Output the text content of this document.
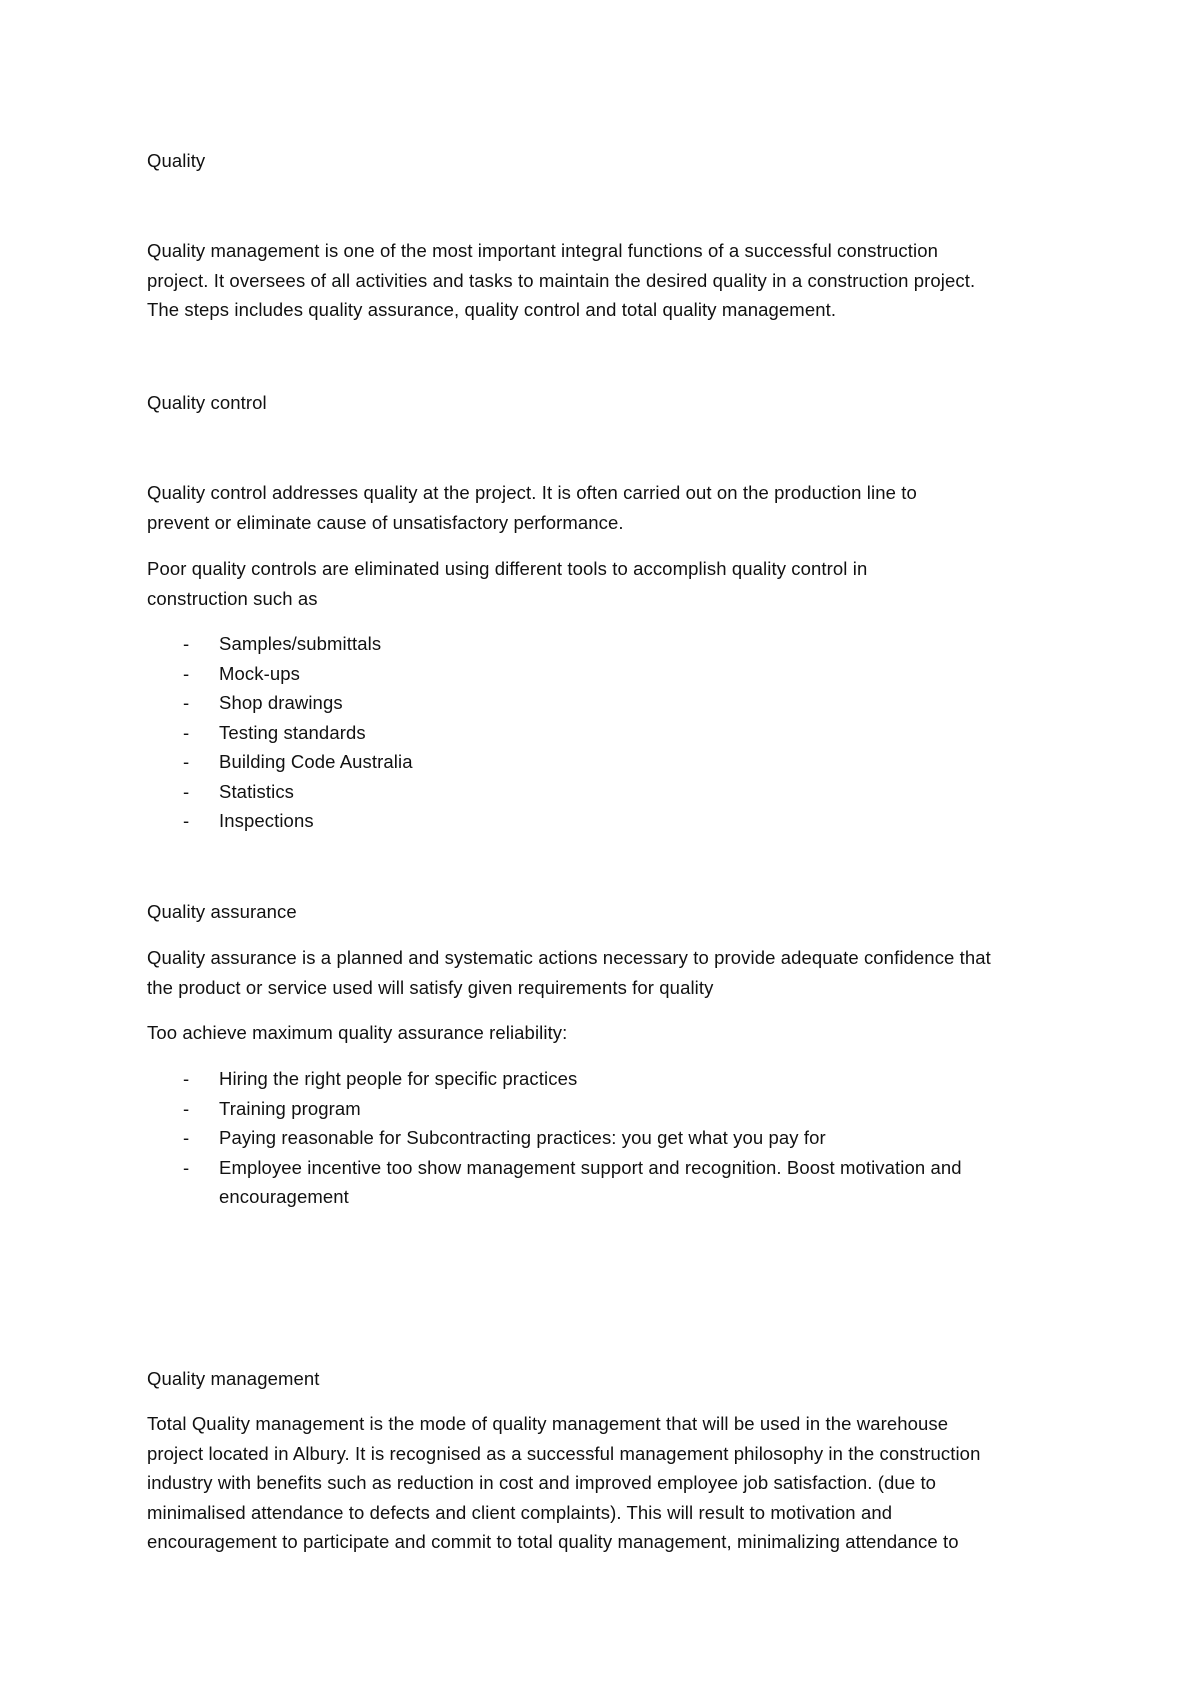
Quality

Quality management is one of the most important integral functions of a successful construction

project. It oversees of all activities and tasks to maintain the desired quality in a construction project.

The steps includes quality assurance, quality control and total quality management.

Quality control

Quality control addresses quality at the project. It is often carried out on the production line to

prevent or eliminate cause of unsatisfactory performance.

Poor quality controls are eliminated using different tools to accomplish quality control in

construction such as

- Samples/submittals
- Mock-ups
- Shop drawings
- Testing standards
- Building Code Australia
- Statistics
- Inspections
Quality assurance

Quality assurance is a planned and systematic actions necessary to provide adequate confidence that

the product or service used will satisfy given requirements for quality

Too achieve maximum quality assurance reliability:

- Hiring the right people for specific practices
- Training program
- Paying reasonable for Subcontracting practices: you get what you pay for
- Employee incentive too show management support and recognition. Boost motivation and
encouragement
Quality management

Total Quality management is the mode of quality management that will be used in the warehouse

project located in Albury. It is recognised as a successful management philosophy in the construction

industry with benefits such as reduction in cost and improved employee job satisfaction. (due to

minimalised attendance to defects and client complaints). This will result to motivation and

encouragement to participate and commit to total quality management, minimalizing attendance to
